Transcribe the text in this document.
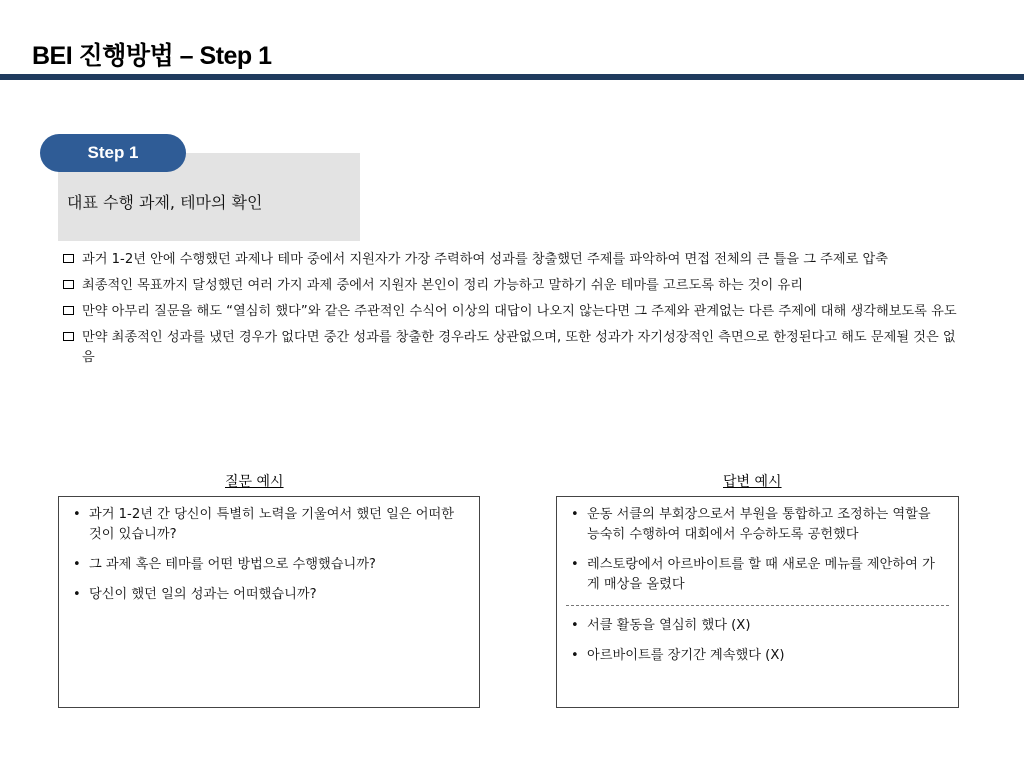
BEI 진행방법 – Step 1
Step 1
대표 수행 과제, 테마의 확인
과거 1-2년 안에 수행했던 과제나 테마 중에서 지원자가 가장 주력하여 성과를 창출했던 주제를 파악하여 면접 전체의 큰 틀을 그 주제로 압축
최종적인 목표까지 달성했던 여러 가지 과제 중에서 지원자 본인이 정리 가능하고 말하기 쉬운 테마를 고르도록 하는 것이 유리
만약 아무리 질문을 해도 “열심히 했다”와 같은 주관적인 수식어 이상의 대답이 나오지 않는다면 그 주제와 관계없는 다른 주제에 대해 생각해보도록 유도
만약 최종적인 성과를 냈던 경우가 없다면 중간 성과를 창출한 경우라도 상관없으며, 또한 성과가 자기성장적인 측면으로 한정된다고 해도 문제될 것은 없음
질문 예시	답변 예시
• 과거 1-2년 간 당신이 특별히 노력을 기울여서 했던 일은 어떠한 것이 있습니까?
• 그 과제 혹은 테마를 어떤 방법으로 수행했습니까?
• 당신이 했던 일의 성과는 어떠했습니까?
• 운동 서클의 부회장으로서 부원을 통합하고 조정하는 역할을 능숙히 수행하여 대회에서 우승하도록 공헌했다
• 레스토랑에서 아르바이트를 할 때 새로운 메뉴를 제안하여 가게 매상을 올렸다
• 서클 활동을 열심히 했다 (X)
• 아르바이트를 장기간 계속했다 (X)
